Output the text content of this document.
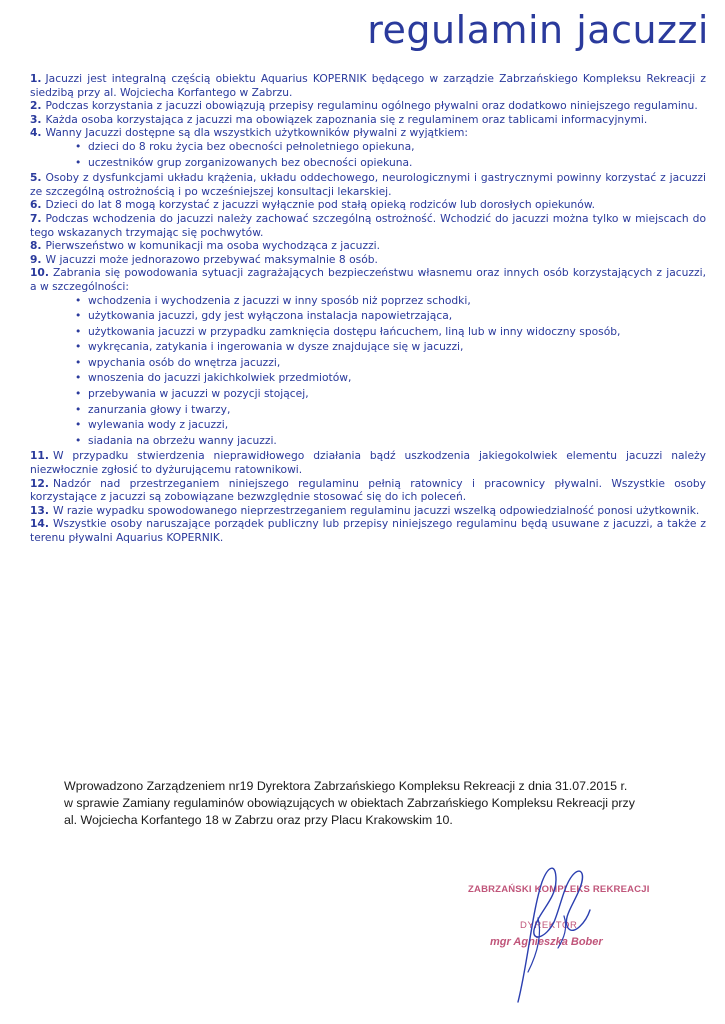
regulamin jacuzzi

1. Jacuzzi jest integralną częścią obiektu Aquarius KOPERNIK będącego w zarządzie Zabrzańskiego Kompleksu Rekreacji z siedzibą przy al. Wojciecha Korfantego w Zabrzu.

2. Podczas korzystania z jacuzzi obowiązują przepisy regulaminu ogólnego pływalni oraz dodatkowo niniejszego regulaminu.

3. Każda osoba korzystająca z jacuzzi ma obowiązek zapoznania się z regulaminem oraz tablicami informacyjnymi.

4. Wanny Jacuzzi dostępne są dla wszystkich użytkowników pływalni z wyjątkiem:

• dzieci do 8 roku życia bez obecności pełnoletniego opiekuna,
• uczestników grup zorganizowanych bez obecności opiekuna.

5. Osoby z dysfunkcjami układu krążenia, układu oddechowego, neurologicznymi i gastrycznymi powinny korzystać z jacuzzi ze szczególną ostrożnością i po wcześniejszej konsultacji lekarskiej.

6. Dzieci do lat 8 mogą korzystać z jacuzzi wyłącznie pod stałą opieką rodziców lub dorosłych opiekunów.

7. Podczas wchodzenia do jacuzzi należy zachować szczególną ostrożność. Wchodzić do jacuzzi można tylko w miejscach do tego wskazanych trzymając się pochwytów.

8. Pierwszeństwo w komunikacji ma osoba wychodząca z jacuzzi.

9. W jacuzzi może jednorazowo przebywać maksymalnie 8 osób.

10. Zabrania się powodowania sytuacji zagrażających bezpieczeństwu własnemu oraz innych osób korzystających z jacuzzi, a w szczególności:

• wchodzenia i wychodzenia z jacuzzi w inny sposób niż poprzez schodki,
• użytkowania jacuzzi, gdy jest wyłączona instalacja napowietrzająca,
• użytkowania jacuzzi w przypadku zamknięcia dostępu łańcuchem, liną lub w inny widoczny sposób,
• wykręcania, zatykania i ingerowania w dysze znajdujące się w jacuzzi,
• wpychania osób do wnętrza jacuzzi,
• wnoszenia do jacuzzi jakichkolwiek przedmiotów,
• przebywania w jacuzzi w pozycji stojącej,
• zanurzania głowy i twarzy,
• wylewania wody z jacuzzi,
• siadania na obrzeżu wanny jacuzzi.

11. W przypadku stwierdzenia nieprawidłowego działania bądź uszkodzenia jakiegokolwiek elementu jacuzzi należy niezwłocznie zgłosić to dyżurującemu ratownikowi.

12. Nadzór nad przestrzeganiem niniejszego regulaminu pełnią ratownicy i pracownicy pływalni. Wszystkie osoby korzystające z jacuzzi są zobowiązane bezwzględnie stosować się do ich poleceń.

13. W razie wypadku spowodowanego nieprzestrzeganiem regulaminu jacuzzi wszelką odpowiedzialność ponosi użytkownik.

14. Wszystkie osoby naruszające porządek publiczny lub przepisy niniejszego regulaminu będą usuwane z jacuzzi, a także z terenu pływalni Aquarius KOPERNIK.

Wprowadzono Zarządzeniem nr19 Dyrektora Zabrzańskiego Kompleksu Rekreacji z dnia 31.07.2015 r.

w sprawie Zamiany regulaminów obowiązujących w obiektach Zabrzańskiego Kompleksu Rekreacji przy

al. Wojciecha Korfantego 18 w Zabrzu oraz przy Placu Krakowskim 10.

ZABRZAŃSKI KOMPLEKS REKREACJI
DYREKTOR
mgr Agnieszka Bober
